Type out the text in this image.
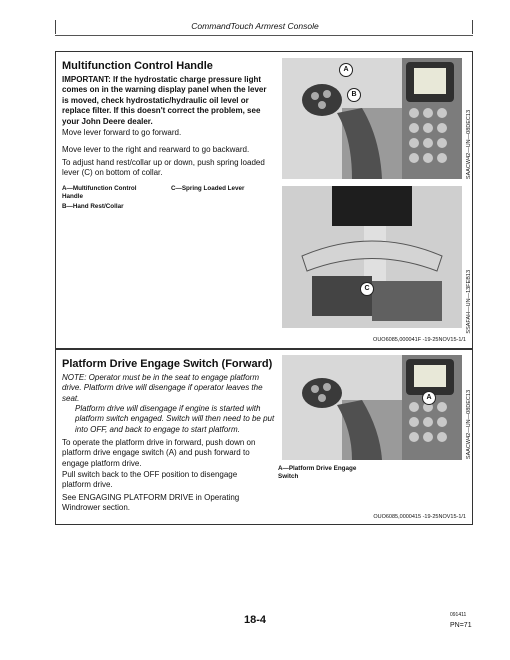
CommandTouch Armrest Console
Multifunction Control Handle
IMPORTANT: If the hydrostatic charge pressure light comes on in the warning display panel when the lever is moved, check hydrostatic/hydraulic oil level or replace filter. If this doesn't correct the problem, see your John Deere dealer.
Move lever forward to go forward.
Move lever to the right and rearward to go backward.
To adjust hand rest/collar up or down, push spring loaded lever (C) on bottom of collar.
A—Multifunction Control Handle
C—Spring Loaded Lever
B—Hand Rest/Collar
A
B
SAACW42—UN—08DEC13
C	SSAFAH—UN—13FEB13
OUO6085,000041F -19-25NOV15-1/1
Platform Drive Engage Switch (Forward)
NOTE: Operator must be in the seat to engage platform drive. Platform drive will disengage if operator leaves the seat.
Platform drive will disengage if engine is started with platform switch engaged. Switch will then need to be put into OFF, and back to engage to start platform.
To operate the platform drive in forward, push down on platform drive engage switch (A) and push forward to engage platform drive.
Pull switch back to the OFF position to disengage platform drive.
See ENGAGING PLATFORM DRIVE in Operating Windrower section.
A—Platform Drive Engage Switch
A	SAACW42—UN—08DEC13
OUO6085,0000415 -19-25NOV15-1/1
18-4	091411
PN=71
